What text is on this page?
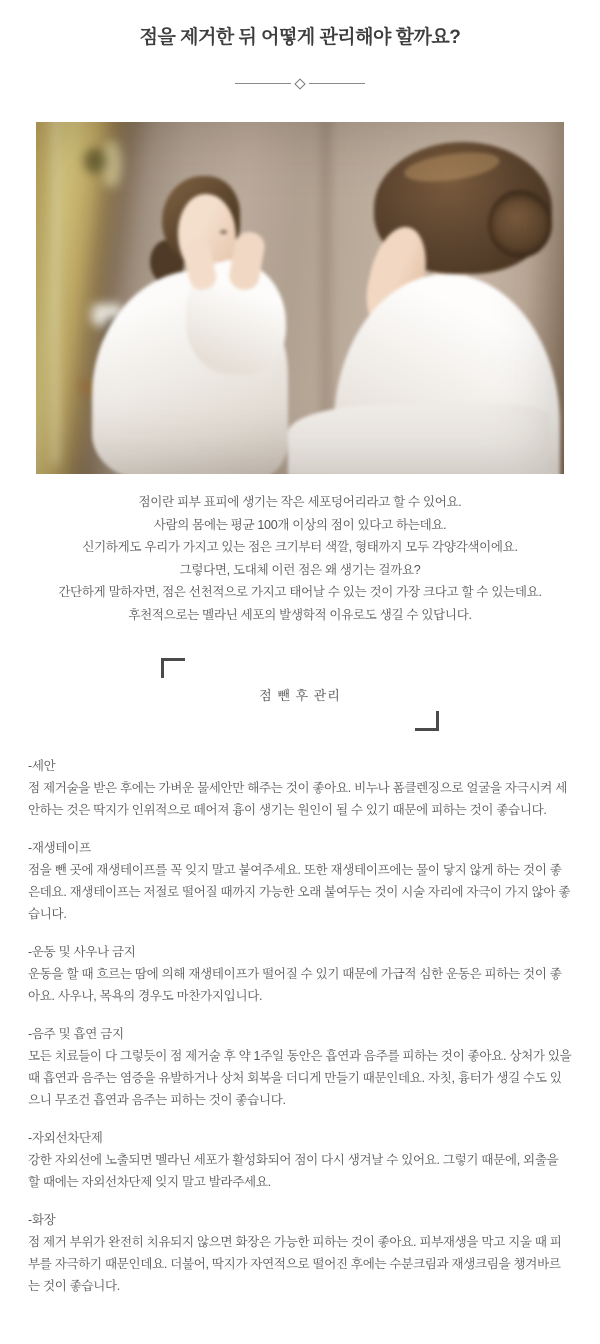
점을 제거한 뒤 어떻게 관리해야 할까요?
점이란 피부 표피에 생기는 작은 세포덩어리라고 할 수 있어요.
사람의 몸에는 평균 100개 이상의 점이 있다고 하는데요.
신기하게도 우리가 가지고 있는 점은 크기부터 색깔, 형태까지 모두 각양각색이에요.
그렇다면, 도대체 이런 점은 왜 생기는 걸까요?
간단하게 말하자면, 점은 선천적으로 가지고 태어날 수 있는 것이 가장 크다고 할 수 있는데요.
후천적으로는 멜라닌 세포의 발생학적 이유로도 생길 수 있답니다.
점 뺀 후 관리
-세안
점 제거술을 받은 후에는 가벼운 물세안만 해주는 것이 좋아요. 비누나 폼클렌징으로 얼굴을 자극시켜 세안하는 것은 딱지가 인위적으로 떼어져 흉이 생기는 원인이 될 수 있기 때문에 피하는 것이 좋습니다.
-재생테이프
점을 뺀 곳에 재생테이프를 꼭 잊지 말고 붙여주세요. 또한 재생테이프에는 물이 닿지 않게 하는 것이 좋은데요. 재생테이프는 저절로 떨어질 때까지 가능한 오래 붙여두는 것이 시술 자리에 자극이 가지 않아 좋습니다.
-운동 및 사우나 금지
운동을 할 때 흐르는 땀에 의해 재생테이프가 떨어질 수 있기 때문에 가급적 심한 운동은 피하는 것이 좋아요. 사우나, 목욕의 경우도 마찬가지입니다.
-음주 및 흡연 금지
모든 치료들이 다 그렇듯이 점 제거술 후 약 1주일 동안은 흡연과 음주를 피하는 것이 좋아요. 상처가 있을 때 흡연과 음주는 염증을 유발하거나 상처 회복을 더디게 만들기 때문인데요. 자칫, 흉터가 생길 수도 있으니 무조건 흡연과 음주는 피하는 것이 좋습니다.
-자외선차단제
강한 자외선에 노출되면 멜라닌 세포가 활성화되어 점이 다시 생겨날 수 있어요. 그렇기 때문에, 외출을 할 때에는 자외선차단제 잊지 말고 발라주세요.
-화장
점 제거 부위가 완전히 치유되지 않으면 화장은 가능한 피하는 것이 좋아요. 피부재생을 막고 지울 때 피부를 자극하기 때문인데요. 더불어, 딱지가 자연적으로 떨어진 후에는 수분크림과 재생크림을 챙겨바르는 것이 좋습니다.
